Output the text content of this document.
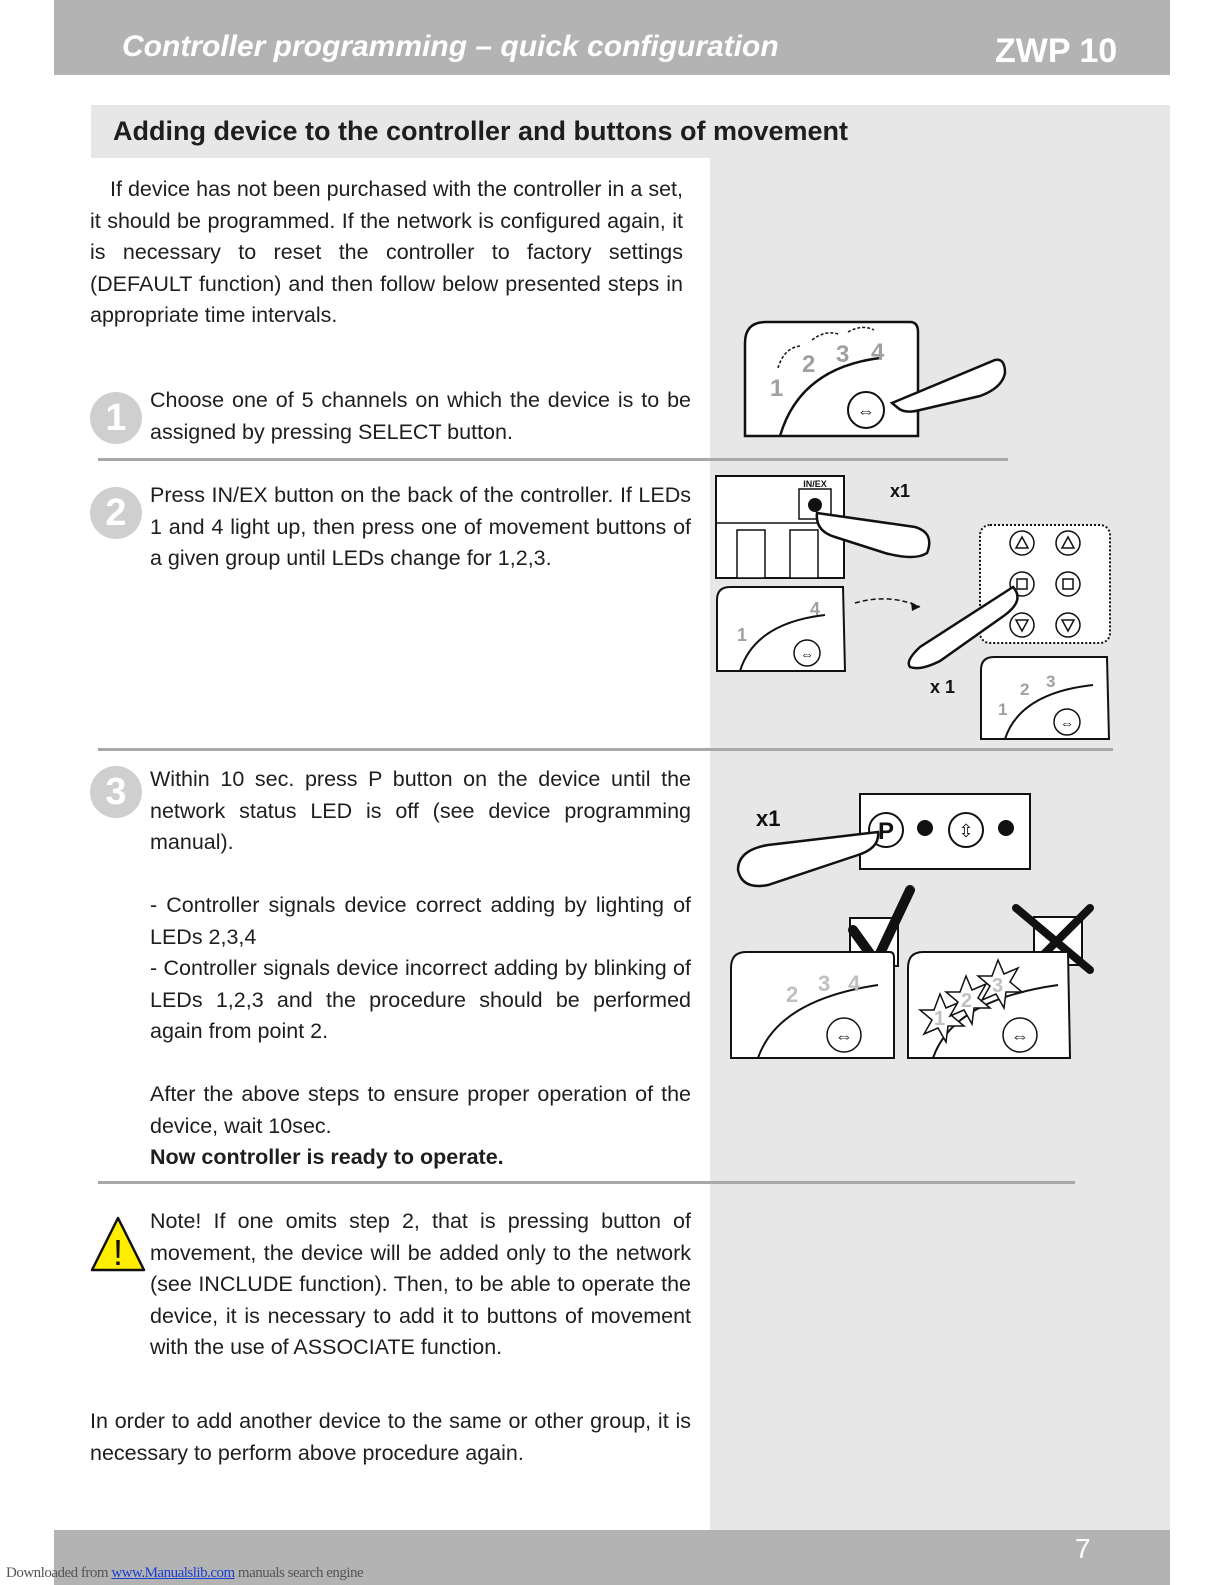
Controller programming – quick configuration	ZWP 10
Adding device to the controller and buttons of movement
If device has not been purchased with the controller in a set, it should be programmed. If the network is configured again, it is necessary to reset the controller to factory settings (DEFAULT function) and then follow below presented steps in appropriate time intervals.
1	Choose one of 5 channels on which the device is to be assigned by pressing SELECT button.
2	Press IN/EX button on the back of the controller. If LEDs 1 and 4 light up, then press one of movement buttons of a given group until LEDs change for 1,2,3.
3	Within 10 sec. press P button on the device until the network status LED is off (see device programming manual).

- Controller signals device correct adding by lighting of LEDs 2,3,4

- Controller signals device incorrect adding by blinking of LEDs 1,2,3 and the procedure should be performed again from point 2.

After the above steps to ensure proper operation of the device, wait 10sec.

Now controller is ready to operate.

!
Note! If one omits step 2, that is pressing button of movement, the device will be added only to the network (see INCLUDE function). Then, to be able to operate the device, it is necessary to add it to buttons of movement with the use of ASSOCIATE function.
In order to add another device to the same or other group, it is necessary to perform above procedure again.
⇔
1
2 3 4
IN/EX	x1
⇔
1
4
x 1
⇔
1
2 3
P	⇳
x1
⇔
2 3 4
⇔
1
2
3
7
Downloaded from www.Manualslib.com manuals search engine
